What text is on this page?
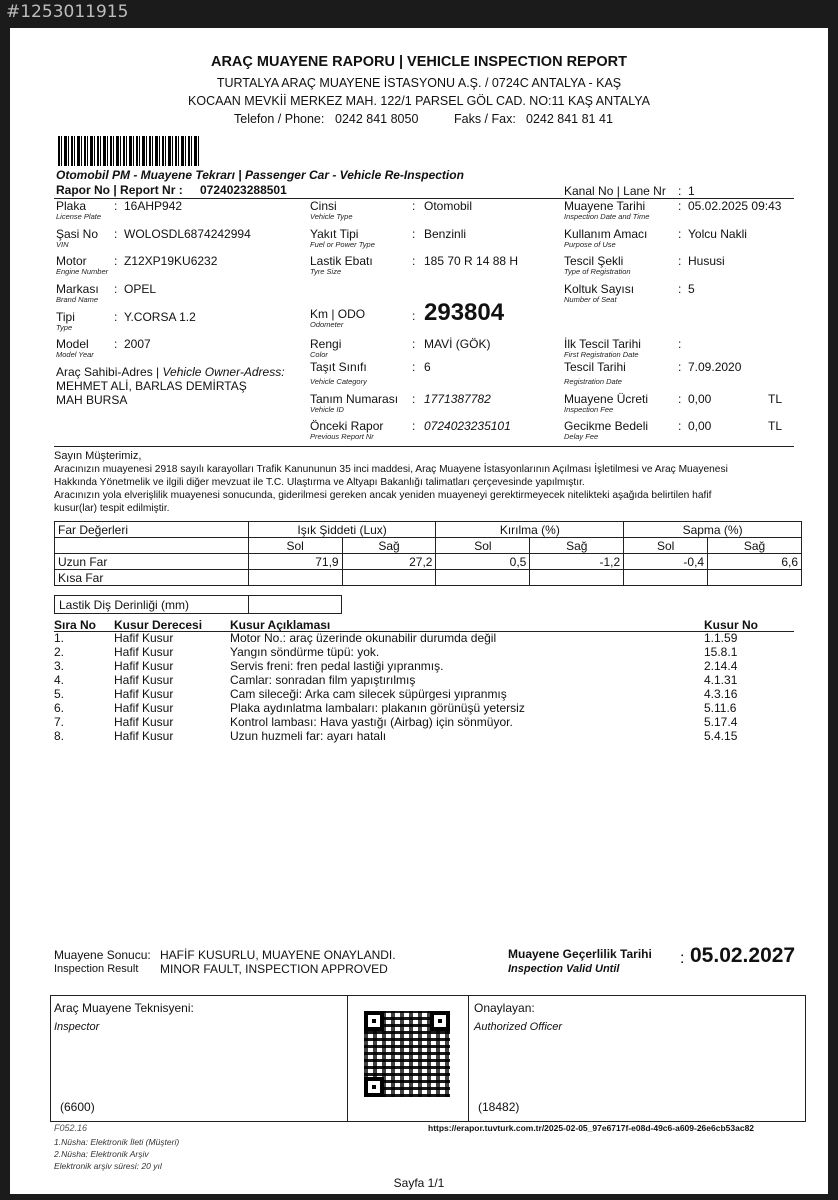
#1253011915
ARAÇ MUAYENE RAPORU | VEHICLE INSPECTION REPORT
TURTALYA ARAÇ MUAYENE İSTASYONU A.Ş. / 0724C ANTALYA - KAŞ
KOCAAN MEVKİİ MERKEZ MAH. 122/1 PARSEL GÖL CAD. NO:11 KAŞ ANTALYA
Telefon / Phone: 0242 841 8050	Faks / Fax: 0242 841 81 41
Otomobil PM - Muayene Tekrarı | Passenger Car - Vehicle Re-Inspection
Rapor No | Report Nr : 0724023288501	Kanal No | Lane Nr : 1
Plaka
License Plate
: 16AHP942
Şasi No
VIN
: WOLOSDL6874242994
Motor
Engine Number
: Z12XP19KU6232
Markası
Brand Name
: OPEL
Tipi
Type
: Y.CORSA 1.2
Model
Model Year
: 2007
Araç Sahibi-Adres | Vehicle Owner-Adress:
MEHMET ALİ, BARLAS DEMİRTAŞ
MAH BURSA
Cinsi
Vehicle Type
: Otomobil
Yakıt Tipi
Fuel or Power Type
: Benzinli
Lastik Ebatı
Tyre Size
: 185 70 R 14 88 H
Km | ODO
Odometer
: 293804
Rengi
Color
: MAVİ (GÖK)
Taşıt Sınıfı
Vehicle Category
: 6
Tanım Numarası
Vehicle ID
: 1771387782
Önceki Rapor
Previous Report Nr
: 0724023235101
Muayene Tarihi
Inspection Date and Time
: 05.02.2025 09:43
Kullanım Amacı
Purpose of Use
: Yolcu Nakli
Tescil Şekli
Type of Registration
: Hususi
Koltuk Sayısı
Number of Seat
: 5
İlk Tescil Tarihi
First Registration Date
:
Tescil Tarihi
Registration Date
: 7.09.2020
Muayene Ücreti
Inspection Fee
: 0,00	TL
Gecikme Bedeli
Delay Fee
: 0,00	TL
Sayın Müşterimiz,
Aracınızın muayenesi 2918 sayılı karayolları Trafik Kanununun 35 inci maddesi, Araç Muayene İstasyonlarının Açılması İşletilmesi ve Araç Muayenesi
Hakkında Yönetmelik ve ilgili diğer mevzuat ile T.C. Ulaştırma ve Altyapı Bakanlığı talimatları çerçevesinde yapılmıştır.
Aracınızın yola elverişlilik muayenesi sonucunda, giderilmesi gereken ancak yeniden muayeneyi gerektirmeyecek nitelikteki aşağıda belirtilen hafif
kusur(lar) tespit edilmiştir.
Far Değerleri	Işık Şiddeti (Lux)		Kırılma (%)		Sapma (%)	
	Sol	Sağ	Sol	Sağ	Sol	Sağ
Uzun Far	71,9	27,2	0,5	-1,2	-0,4	6,6
Kısa Far						
Lastik Diş Derinliği (mm)
Sıra No Kusur Derecesi Kusur Açıklaması	Kusur No
1.	Hafif Kusur	Motor No.: araç üzerinde okunabilir durumda değil	1.1.59
2.	Hafif Kusur	Yangın söndürme tüpü: yok.	15.8.1
3.	Hafif Kusur	Servis freni: fren pedal lastiği yıpranmış.	2.14.4
4.	Hafif Kusur	Camlar: sonradan film yapıştırılmış	4.1.31
5.	Hafif Kusur	Cam sileceği: Arka cam silecek süpürgesi yıpranmış	4.3.16
6.	Hafif Kusur	Plaka aydınlatma lambaları: plakanın görünüşü yetersiz	5.11.6
7.	Hafif Kusur	Kontrol lambası: Hava yastığı (Airbag) için sönmüyor.	5.17.4
8.	Hafif Kusur	Uzun huzmeli far: ayarı hatalı	5.4.15
Muayene Sonucu:
Inspection Result
HAFİF KUSURLU, MUAYENE ONAYLANDI.
MINOR FAULT, INSPECTION APPROVED
Muayene Geçerlilik Tarihi
Inspection Valid Until
: 05.02.2027
Araç Muayene Teknisyeni:
Inspector
(6600)
Onaylayan:
Authorized Officer
(18482)
F052.16
1.Nüsha: Elektronik İleti (Müşteri)
2.Nüsha: Elektronik Arşiv
Elektronik arşiv süresi: 20 yıl
https://erapor.tuvturk.com.tr/2025-02-05_97e6717f-e08d-49c6-a609-26e6cb53ac82
Sayfa 1/1
